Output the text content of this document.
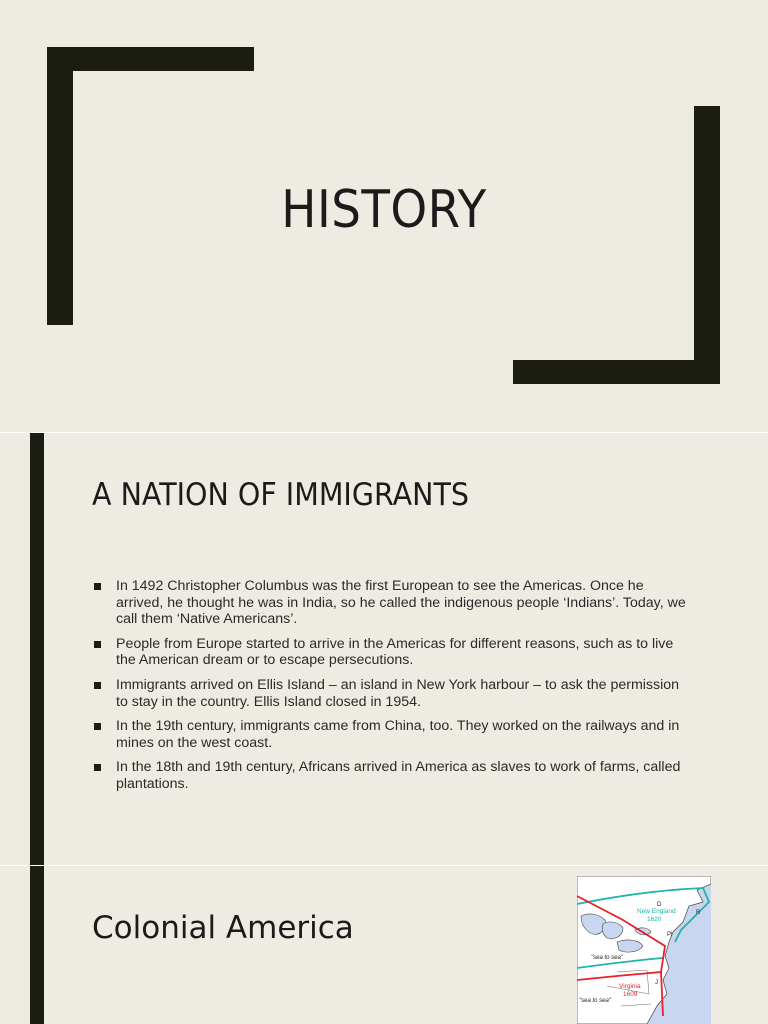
HISTORY
A NATION OF IMMIGRANTS
In 1492 Christopher Columbus was the first European to see the Americas. Once he arrived, he thought he was in India, so he called the indigenous people ‘Indians’. Today, we call them ‘Native Americans’.
People from Europe started to arrive in the Americas for different reasons, such as to live the American dream or to escape persecutions.
Immigrants arrived on Ellis Island – an island in New York harbour – to ask the permission to stay in the country. Ellis Island closed in 1954.
In the 19th century, immigrants came from China, too. They worked on the railways and in mines on the west coast.
In the 18th and 19th century, Africans arrived in America as slaves to work of farms, called plantations.
Colonial America	New England
1620
"sea to sea"
Virginia
1609
"sea to sea"
Pl
D
R
J
